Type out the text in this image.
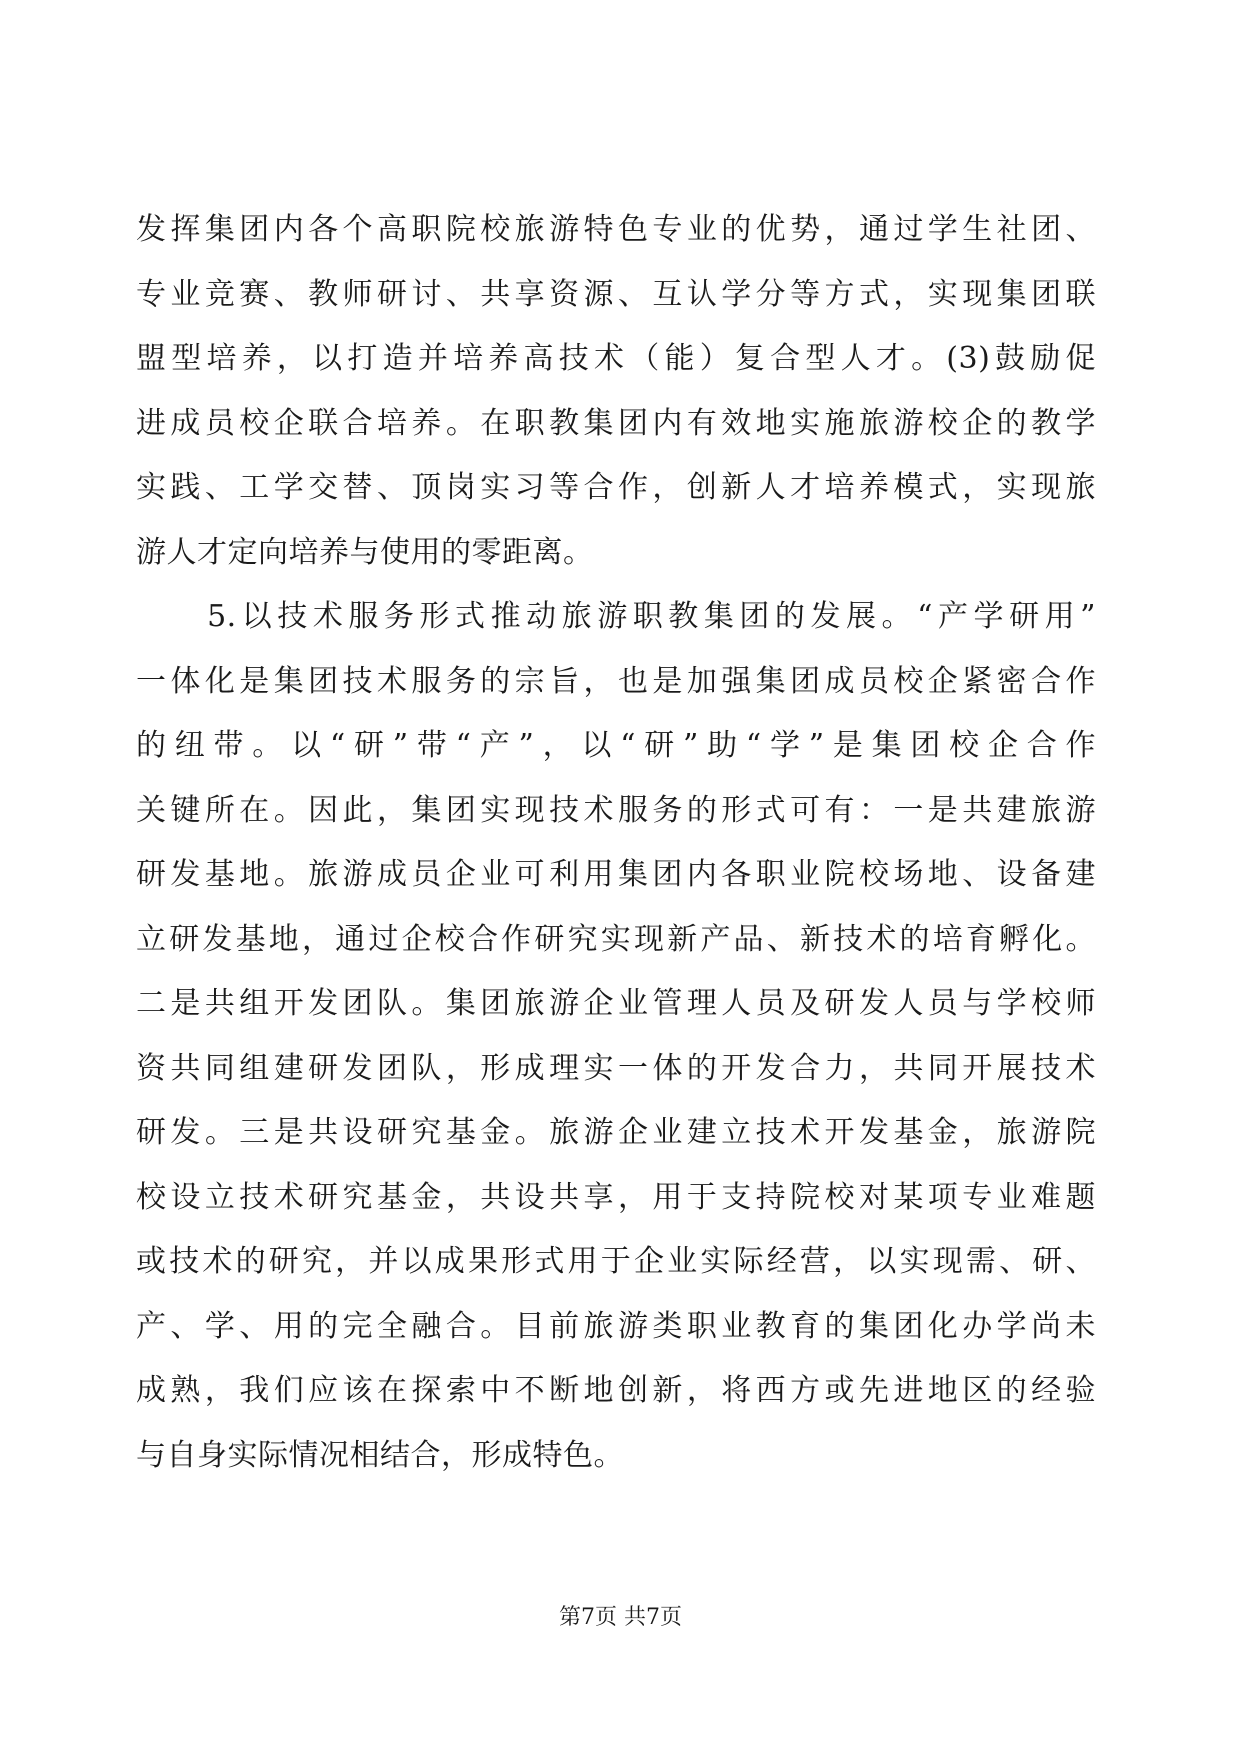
发挥集团内各个高职院校旅游特色专业的优势，通过学生社团、
专业竞赛、教师研讨、共享资源、互认学分等方式，实现集团联
盟型培养，以打造并培养高技术（能）复合型人才。(3)鼓励促
进成员校企联合培养。在职教集团内有效地实施旅游校企的教学
实践、工学交替、顶岗实习等合作，创新人才培养模式，实现旅
游人才定向培养与使用的零距离。
　　5.以技术服务形式推动旅游职教集团的发展。“产学研用”
一体化是集团技术服务的宗旨，也是加强集团成员校企紧密合作
的纽带。以“研”带“产”，以“研”助“学”是集团校企合作
关键所在。因此，集团实现技术服务的形式可有：一是共建旅游
研发基地。旅游成员企业可利用集团内各职业院校场地、设备建
立研发基地，通过企校合作研究实现新产品、新技术的培育孵化。
二是共组开发团队。集团旅游企业管理人员及研发人员与学校师
资共同组建研发团队，形成理实一体的开发合力，共同开展技术
研发。三是共设研究基金。旅游企业建立技术开发基金，旅游院
校设立技术研究基金，共设共享，用于支持院校对某项专业难题
或技术的研究，并以成果形式用于企业实际经营，以实现需、研、
产、学、用的完全融合。目前旅游类职业教育的集团化办学尚未
成熟，我们应该在探索中不断地创新，将西方或先进地区的经验
与自身实际情况相结合，形成特色。
第7页 共7页
